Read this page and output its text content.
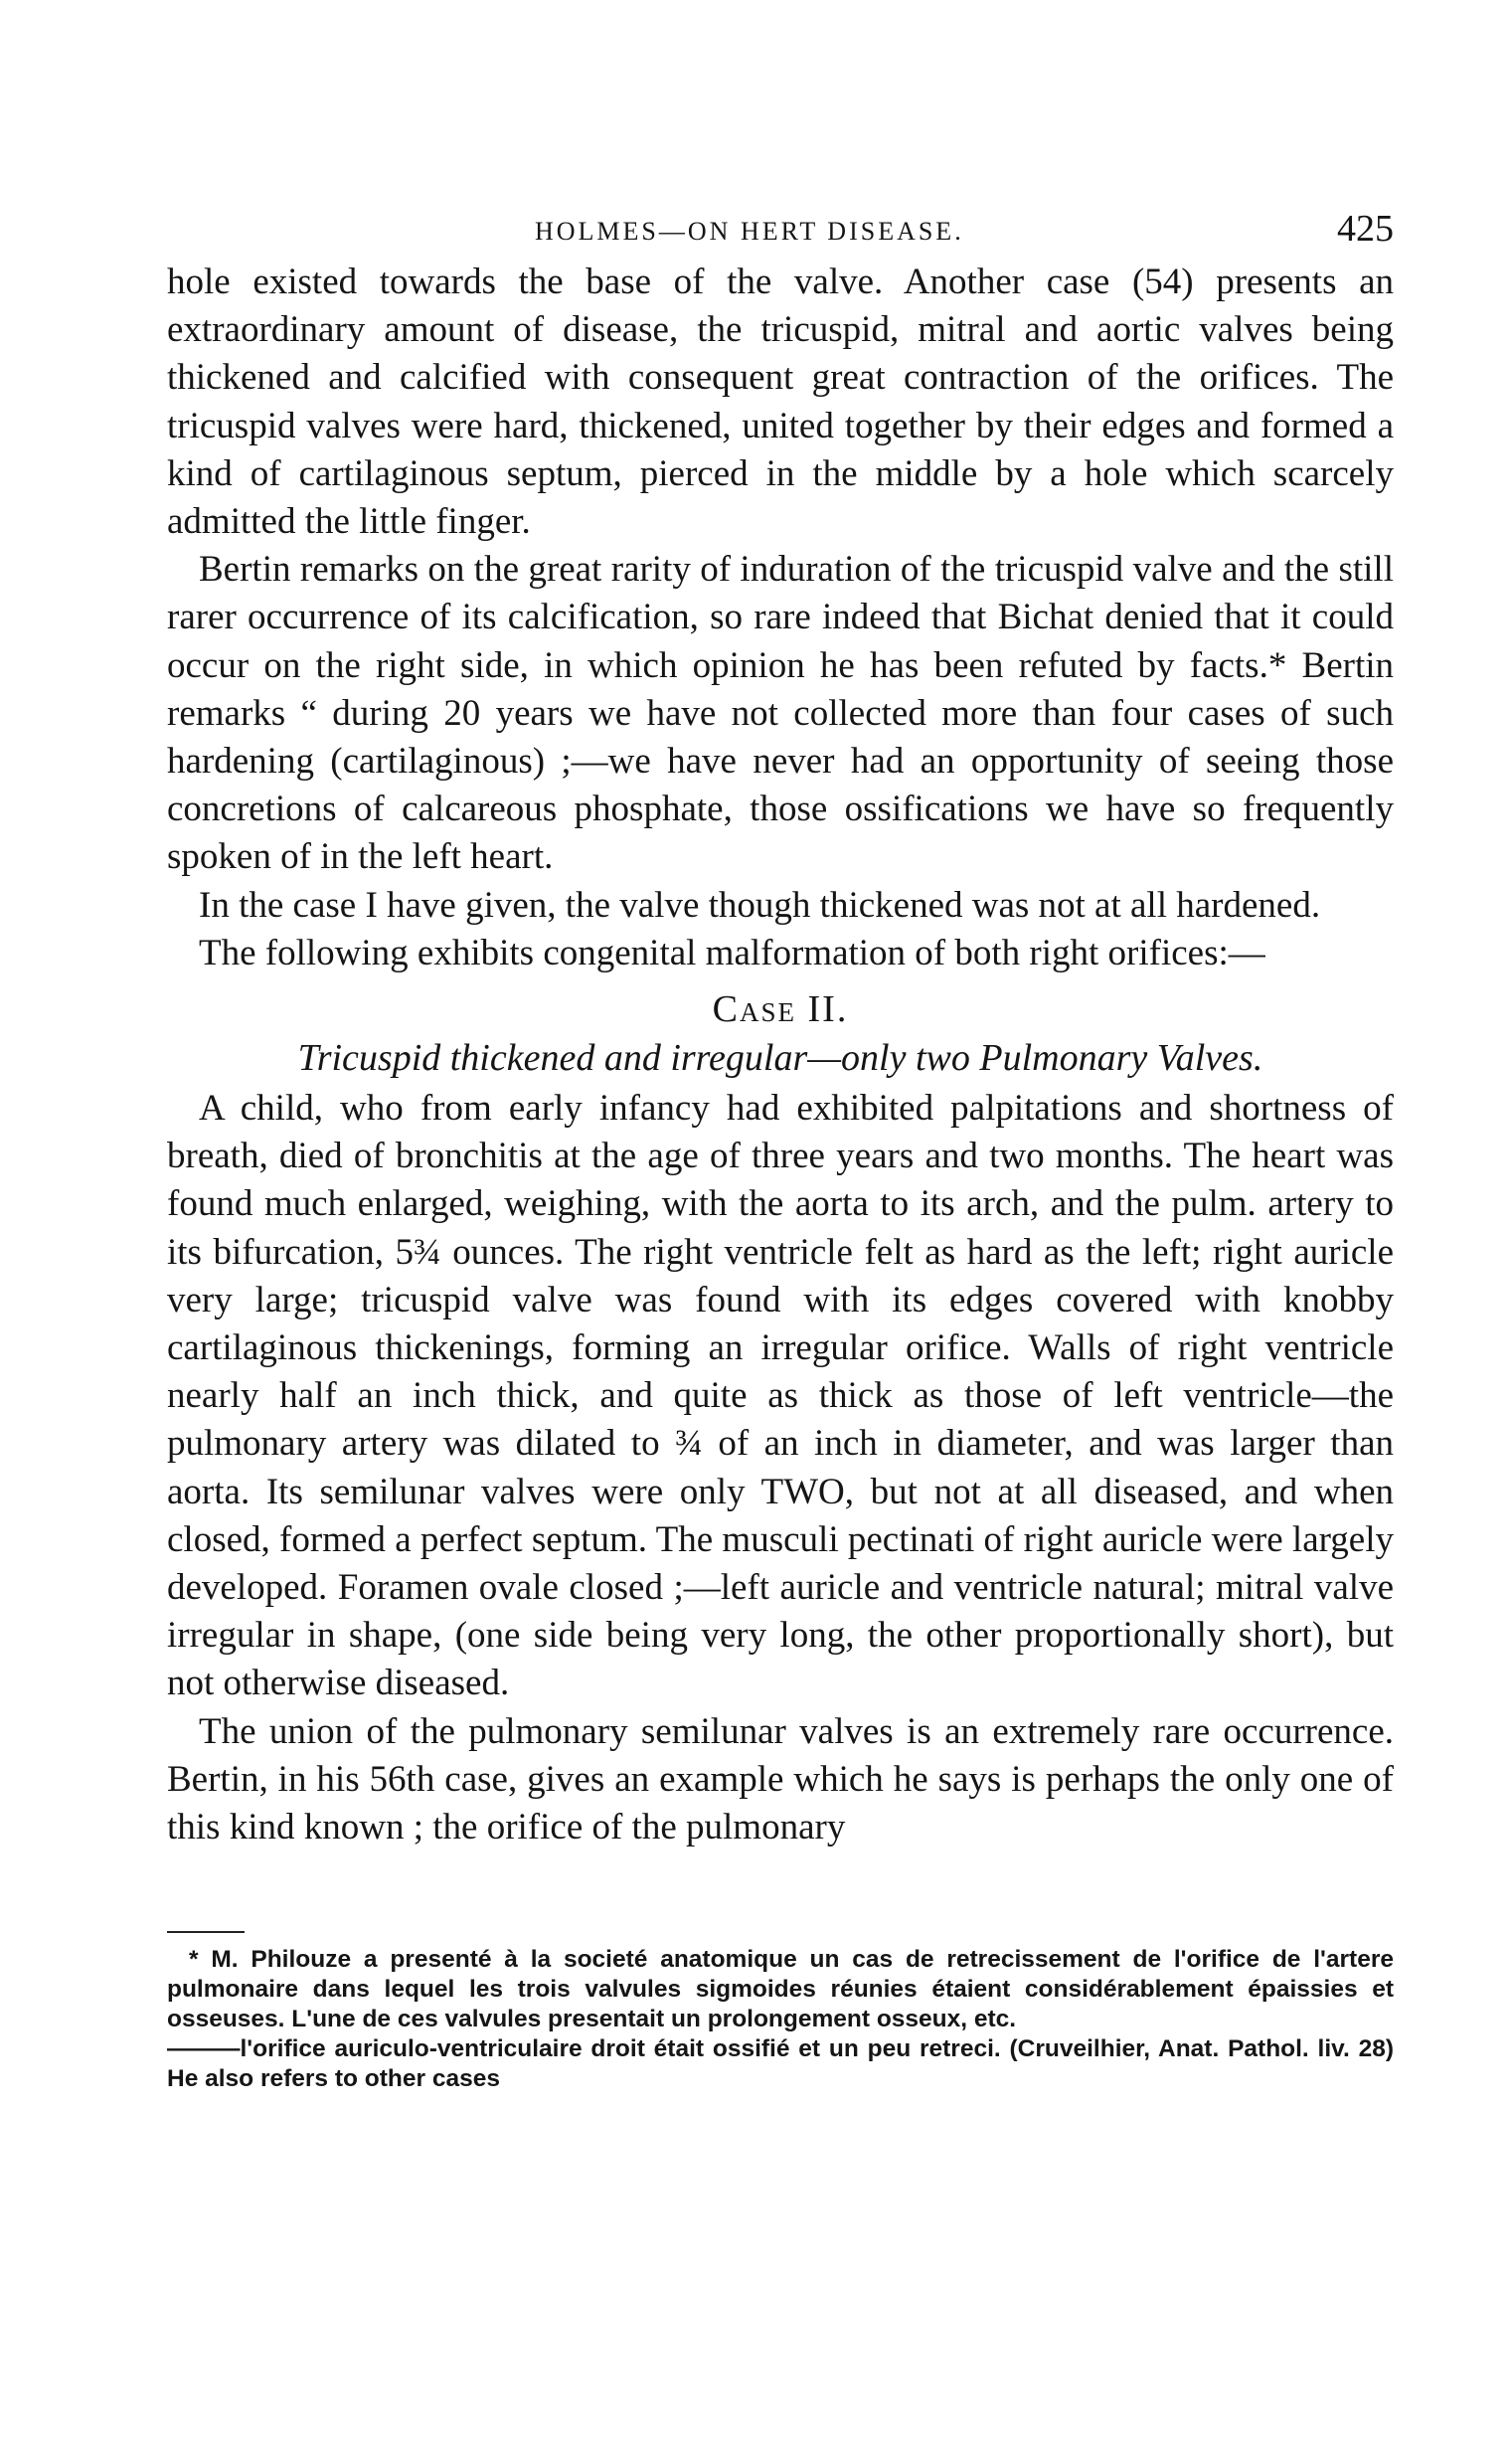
HOLMES—ON HERT DISEASE.	425

hole existed towards the base of the valve. Another case (54) presents an extraordinary amount of disease, the tricuspid, mitral and aortic valves being thickened and calcified with consequent great contraction of the orifices. The tricuspid valves were hard, thickened, united together by their edges and formed a kind of cartilaginous septum, pierced in the middle by a hole which scarcely admitted the little finger.

Bertin remarks on the great rarity of induration of the tricuspid valve and the still rarer occurrence of its calcification, so rare indeed that Bichat denied that it could occur on the right side, in which opinion he has been refuted by facts.* Bertin remarks “ during 20 years we have not collected more than four cases of such hardening (cartilaginous) ;—we have never had an opportunity of seeing those concretions of calcareous phosphate, those ossifications we have so frequently spoken of in the left heart.

In the case I have given, the valve though thickened was not at all hardened.

The following exhibits congenital malformation of both right orifices:—

Case II.
Tricuspid thickened and irregular—only two Pulmonary Valves.

A child, who from early infancy had exhibited palpitations and shortness of breath, died of bronchitis at the age of three years and two months. The heart was found much enlarged, weighing, with the aorta to its arch, and the pulm. artery to its bifurcation, 5¾ ounces. The right ventricle felt as hard as the left; right auricle very large; tricuspid valve was found with its edges covered with knobby cartilaginous thickenings, forming an irregular orifice. Walls of right ventricle nearly half an inch thick, and quite as thick as those of left ventricle—the pulmonary artery was dilated to ¾ of an inch in diameter, and was larger than aorta. Its semilunar valves were only TWO, but not at all diseased, and when closed, formed a perfect septum. The musculi pectinati of right auricle were largely developed. Foramen ovale closed ;—left auricle and ventricle natural; mitral valve irregular in shape, (one side being very long, the other proportionally short), but not otherwise diseased.

The union of the pulmonary semilunar valves is an extremely rare occurrence. Bertin, in his 56th case, gives an example which he says is perhaps the only one of this kind known ; the orifice of the pulmonary

* M. Philouze a presenté à la societé anatomique un cas de retrecissement de l'orifice de l'artere pulmonaire dans lequel les trois valvules sigmoides réunies étaient considérablement épaissies et osseuses. L'une de ces valvules presentait un prolongement osseux, etc.

———l'orifice auriculo-ventriculaire droit était ossifié et un peu retreci. (Cruveilhier, Anat. Pathol. liv. 28) He also refers to other cases
